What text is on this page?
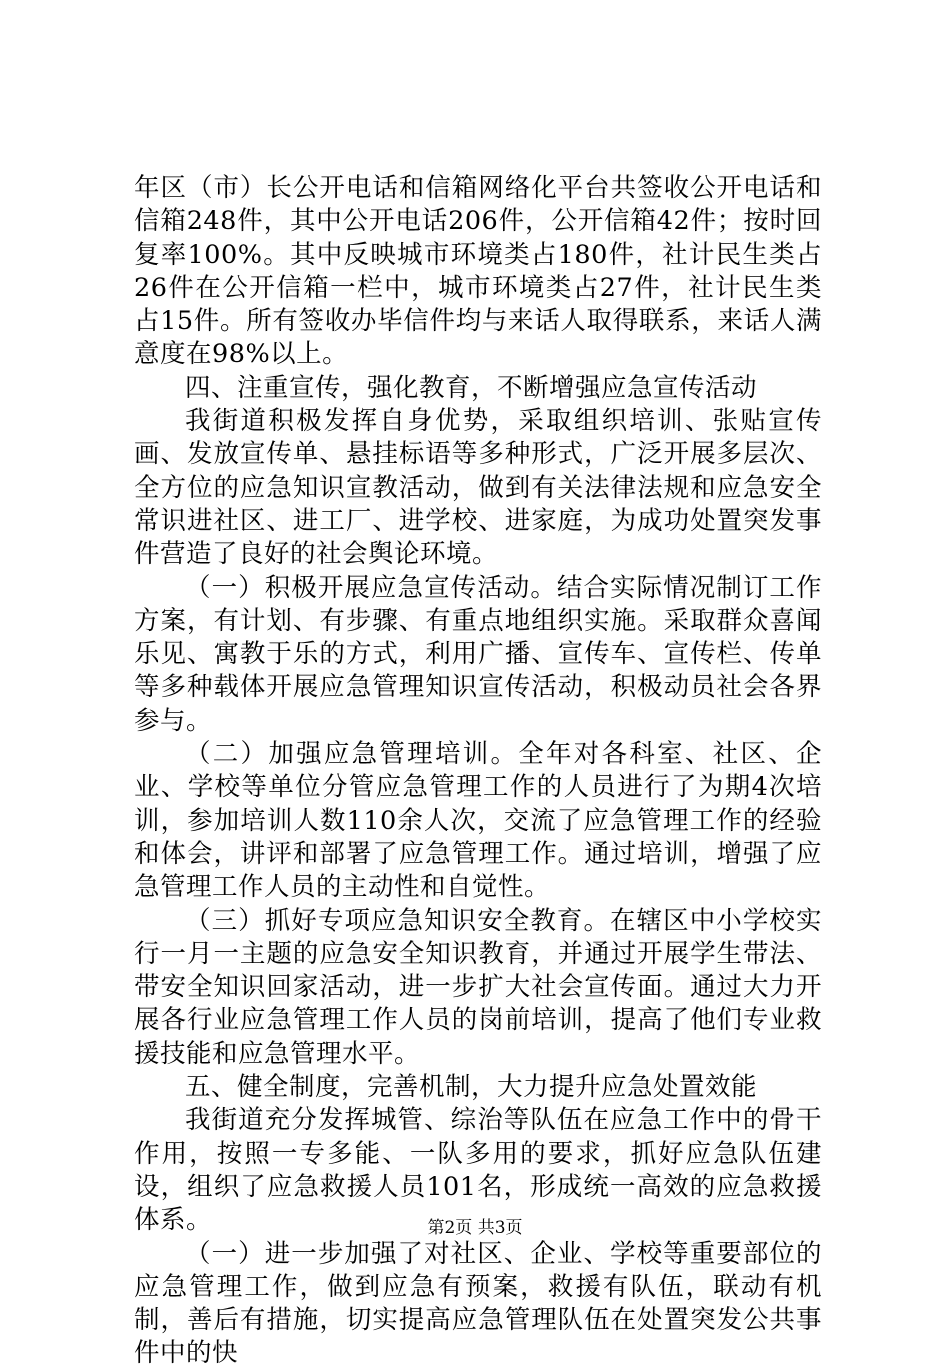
年区（市）长公开电话和信箱网络化平台共签收公开电话和信箱248件，其中公开电话206件，公开信箱42件；按时回复率100%。其中反映城市环境类占180件，社计民生类占26件在公开信箱一栏中，城市环境类占27件，社计民生类占15件。所有签收办毕信件均与来话人取得联系，来话人满意度在98%以上。

四、注重宣传，强化教育，不断增强应急宣传活动

我街道积极发挥自身优势，采取组织培训、张贴宣传画、发放宣传单、悬挂标语等多种形式，广泛开展多层次、全方位的应急知识宣教活动，做到有关法律法规和应急安全常识进社区、进工厂、进学校、进家庭，为成功处置突发事件营造了良好的社会舆论环境。

（一）积极开展应急宣传活动。结合实际情况制订工作方案，有计划、有步骤、有重点地组织实施。采取群众喜闻乐见、寓教于乐的方式，利用广播、宣传车、宣传栏、传单等多种载体开展应急管理知识宣传活动，积极动员社会各界参与。

（二）加强应急管理培训。全年对各科室、社区、企业、学校等单位分管应急管理工作的人员进行了为期4次培训，参加培训人数110余人次，交流了应急管理工作的经验和体会，讲评和部署了应急管理工作。通过培训，增强了应急管理工作人员的主动性和自觉性。

（三）抓好专项应急知识安全教育。在辖区中小学校实行一月一主题的应急安全知识教育，并通过开展学生带法、带安全知识回家活动，进一步扩大社会宣传面。通过大力开展各行业应急管理工作人员的岗前培训，提高了他们专业救援技能和应急管理水平。

五、健全制度，完善机制，大力提升应急处置效能

我街道充分发挥城管、综治等队伍在应急工作中的骨干作用，按照一专多能、一队多用的要求，抓好应急队伍建设，组织了应急救援人员101名，形成统一高效的应急救援体系。

（一）进一步加强了对社区、企业、学校等重要部位的应急管理工作，做到应急有预案，救援有队伍，联动有机制，善后有措施，切实提高应急管理队伍在处置突发公共事件中的快

第2页 共3页
